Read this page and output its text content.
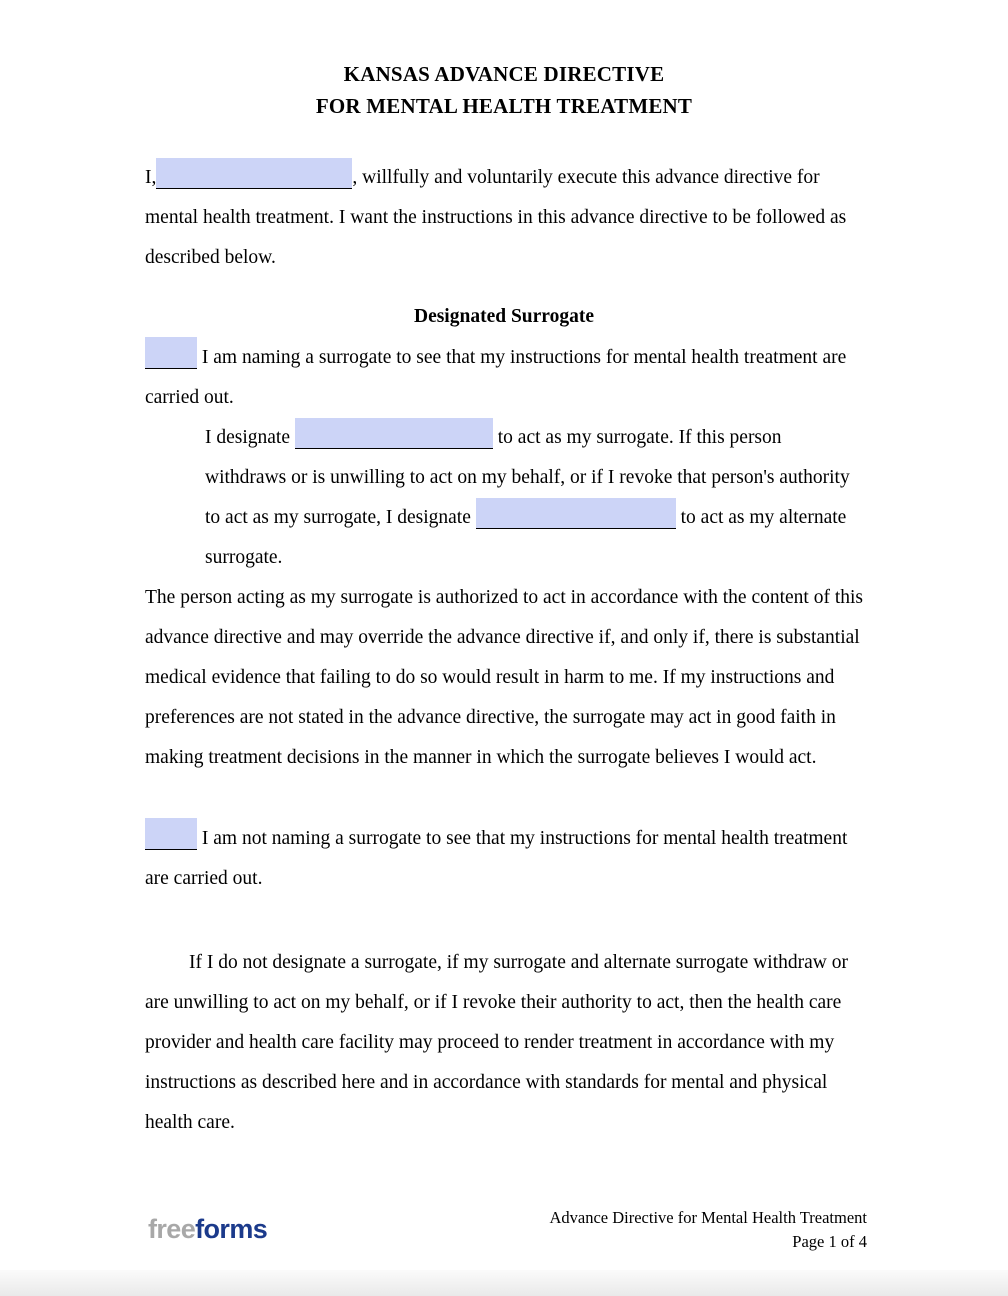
KANSAS ADVANCE DIRECTIVE
FOR MENTAL HEALTH TREATMENT

I,	, willfully and voluntarily execute this advance directive for mental health treatment. I want the instructions in this advance directive to be followed as described below.

Designated Surrogate

I am naming a surrogate to see that my instructions for mental health treatment are carried out.

I designate	to act as my surrogate. If this person withdraws or is unwilling to act on my behalf, or if I revoke that person's authority to act as my surrogate, I designate	to act as my alternate surrogate.

The person acting as my surrogate is authorized to act in accordance with the content of this advance directive and may override the advance directive if, and only if, there is substantial medical evidence that failing to do so would result in harm to me. If my instructions and preferences are not stated in the advance directive, the surrogate may act in good faith in making treatment decisions in the manner in which the surrogate believes I would act.

I am not naming a surrogate to see that my instructions for mental health treatment are carried out.

If I do not designate a surrogate, if my surrogate and alternate surrogate withdraw or are unwilling to act on my behalf, or if I revoke their authority to act, then the health care provider and health care facility may proceed to render treatment in accordance with my instructions as described here and in accordance with standards for mental and physical health care.

freeforms	Advance Directive for Mental Health Treatment
Page 1 of 4
